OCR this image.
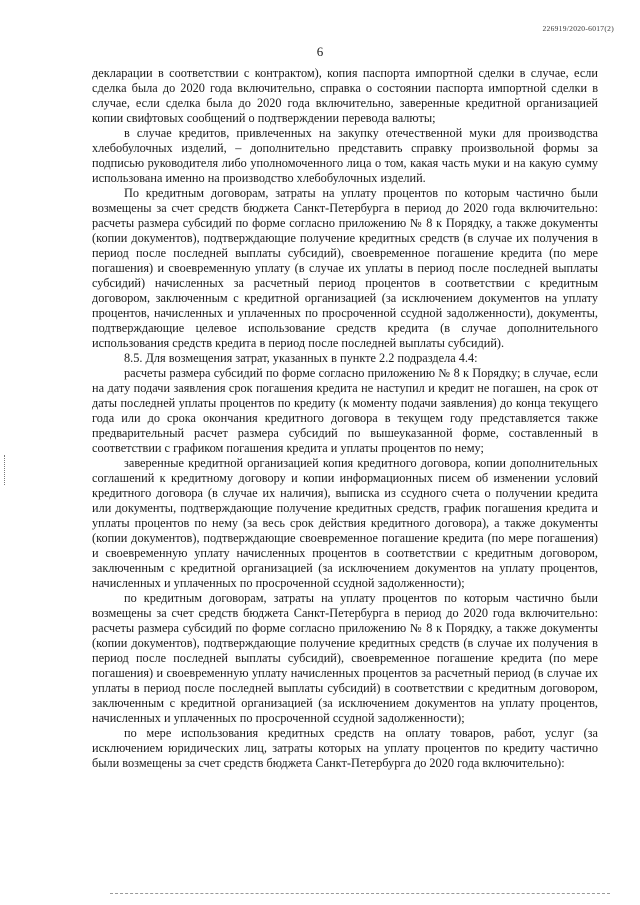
226919/2020-6017(2)
6

декларации в соответствии с контрактом), копия паспорта импортной сделки в случае, если сделка была до 2020 года включительно, справка о состоянии паспорта импортной сделки в случае, если сделка была до 2020 года включительно, заверенные кредитной организацией копии свифтовых сообщений о подтверждении перевода валюты;

в случае кредитов, привлеченных на закупку отечественной муки для производства хлебобулочных изделий, – дополнительно представить справку произвольной формы за подписью руководителя либо уполномоченного лица о том, какая часть муки и на какую сумму использована именно на производство хлебобулочных изделий.

По кредитным договорам, затраты на уплату процентов по которым частично были возмещены за счет средств бюджета Санкт-Петербурга в период до 2020 года включительно: расчеты размера субсидий по форме согласно приложению № 8 к Порядку, а также документы (копии документов), подтверждающие получение кредитных средств (в случае их получения в период после последней выплаты субсидий), своевременное погашение кредита (по мере погашения) и своевременную уплату (в случае их уплаты в период после последней выплаты субсидий) начисленных за расчетный период процентов в соответствии с кредитным договором, заключенным с кредитной организацией (за исключением документов на уплату процентов, начисленных и уплаченных по просроченной ссудной задолженности), документы, подтверждающие целевое использование средств кредита (в случае дополнительного использования средств кредита в период после последней выплаты субсидий).

8.5. Для возмещения затрат, указанных в пункте 2.2 подраздела 4.4:

расчеты размера субсидий по форме согласно приложению № 8 к Порядку; в случае, если на дату подачи заявления срок погашения кредита не наступил и кредит не погашен, на срок от даты последней уплаты процентов по кредиту (к моменту подачи заявления) до конца текущего года или до срока окончания кредитного договора в текущем году представляется также предварительный расчет размера субсидий по вышеуказанной форме, составленный в соответствии с графиком погашения кредита и уплаты процентов по нему;

заверенные кредитной организацией копия кредитного договора, копии дополнительных соглашений к кредитному договору и копии информационных писем об изменении условий кредитного договора (в случае их наличия), выписка из ссудного счета о получении кредита или документы, подтверждающие получение кредитных средств, график погашения кредита и уплаты процентов по нему (за весь срок действия кредитного договора), а также документы (копии документов), подтверждающие своевременное погашение кредита (по мере погашения) и своевременную уплату начисленных процентов в соответствии с кредитным договором, заключенным с кредитной организацией (за исключением документов на уплату процентов, начисленных и уплаченных по просроченной ссудной задолженности);

по кредитным договорам, затраты на уплату процентов по которым частично были возмещены за счет средств бюджета Санкт-Петербурга в период до 2020 года включительно: расчеты размера субсидий по форме согласно приложению № 8 к Порядку, а также документы (копии документов), подтверждающие получение кредитных средств (в случае их получения в период после последней выплаты субсидий), своевременное погашение кредита (по мере погашения) и своевременную уплату начисленных процентов за расчетный период (в случае их уплаты в период после последней выплаты субсидий) в соответствии с кредитным договором, заключенным с кредитной организацией (за исключением документов на уплату процентов, начисленных и уплаченных по просроченной ссудной задолженности);

по мере использования кредитных средств на оплату товаров, работ, услуг (за исключением юридических лиц, затраты которых на уплату процентов по кредиту частично были возмещены за счет средств бюджета Санкт-Петербурга до 2020 года включительно):
